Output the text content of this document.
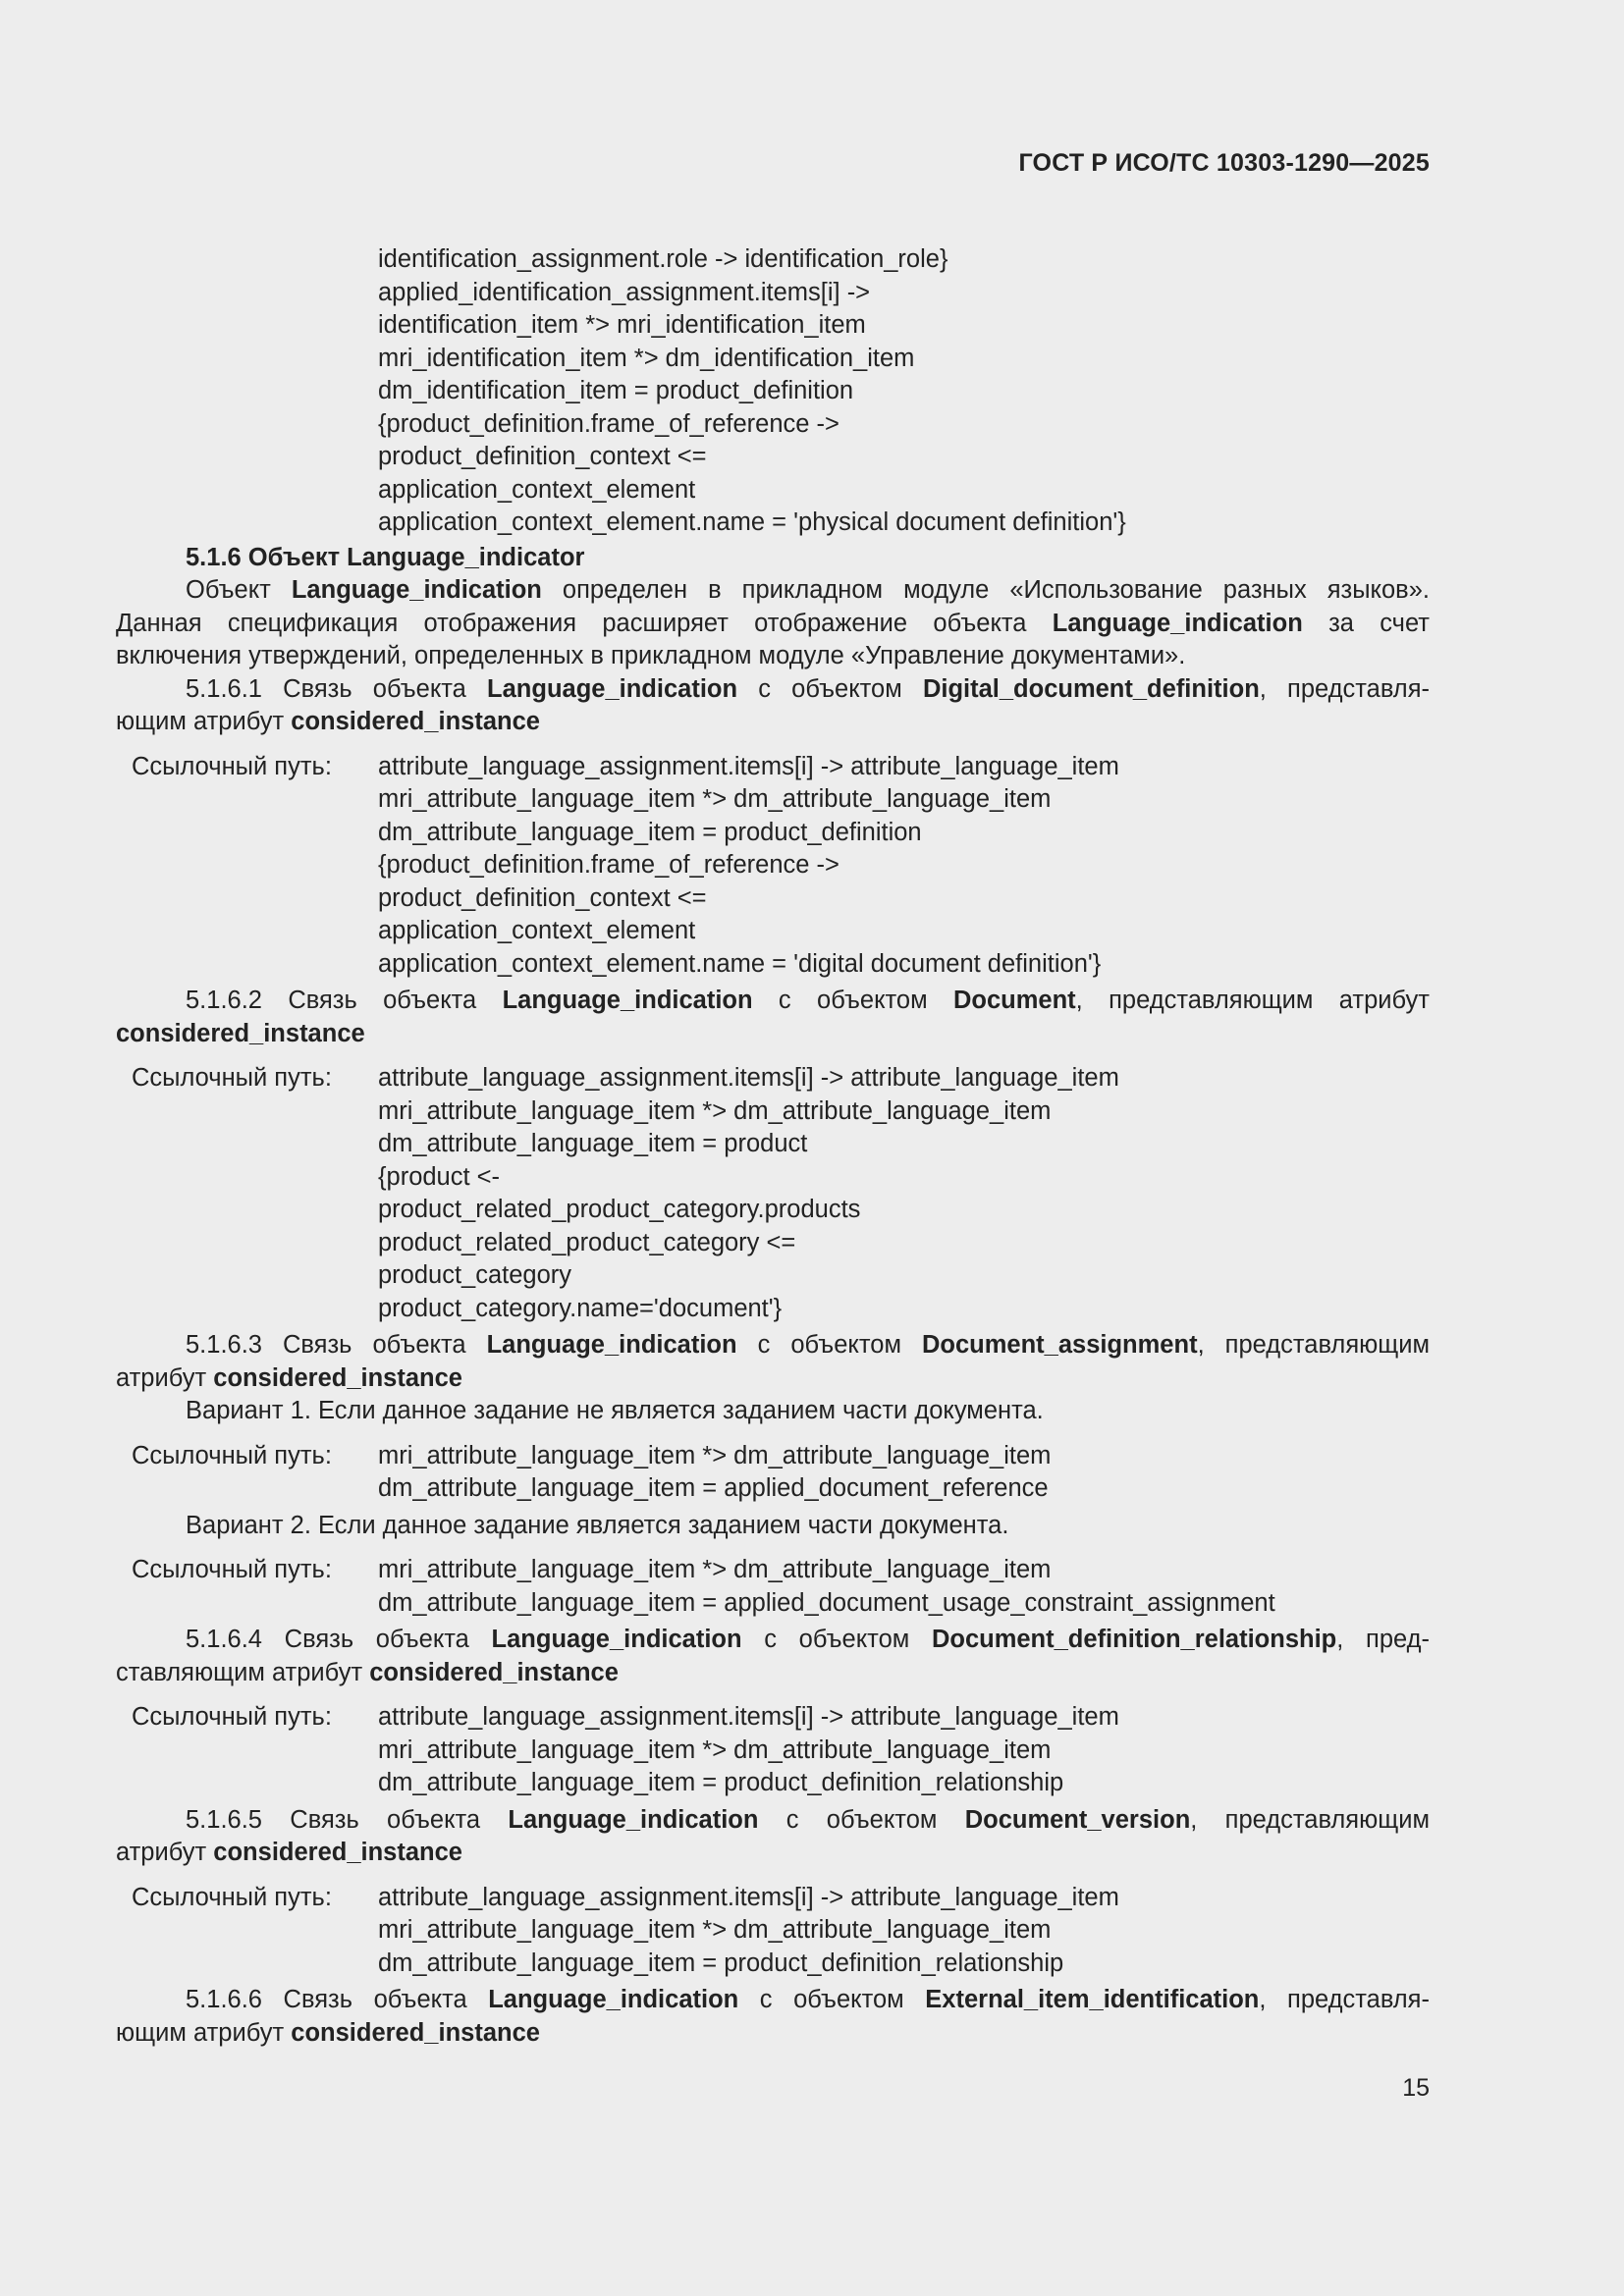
ГОСТ Р ИСО/ТС 10303-1290—2025
identification_assignment.role -> identification_role}
applied_identification_assignment.items[i] ->
identification_item *> mri_identification_item
mri_identification_item *> dm_identification_item
dm_identification_item = product_definition
{product_definition.frame_of_reference ->
product_definition_context <=
application_context_element
application_context_element.name = 'physical document definition'}
5.1.6 Объект Language_indicator
Объект Language_indication определен в прикладном модуле «Использование разных языков».
Данная спецификация отображения расширяет отображение объекта Language_indication за счет
включения утверждений, определенных в прикладном модуле «Управление документами».
5.1.6.1 Связь объекта Language_indication с объектом Digital_document_definition, представля-
ющим атрибут considered_instance
Ссылочный путь:	attribute_language_assignment.items[i] -> attribute_language_item
mri_attribute_language_item *> dm_attribute_language_item
dm_attribute_language_item = product_definition
{product_definition.frame_of_reference ->
product_definition_context <=
application_context_element
application_context_element.name = 'digital document definition'}
5.1.6.2 Связь объекта Language_indication с объектом Document, представляющим атрибут
considered_instance
Ссылочный путь:	attribute_language_assignment.items[i] -> attribute_language_item
mri_attribute_language_item *> dm_attribute_language_item
dm_attribute_language_item = product
{product <-
product_related_product_category.products
product_related_product_category <=
product_category
product_category.name='document'}
5.1.6.3 Связь объекта Language_indication с объектом Document_assignment, представляющим
атрибут considered_instance
Вариант 1. Если данное задание не является заданием части документа.
Ссылочный путь:	mri_attribute_language_item *> dm_attribute_language_item
dm_attribute_language_item = applied_document_reference
Вариант 2. Если данное задание является заданием части документа.
Ссылочный путь:	mri_attribute_language_item *> dm_attribute_language_item
dm_attribute_language_item = applied_document_usage_constraint_assignment
5.1.6.4 Связь объекта Language_indication с объектом Document_definition_relationship, пред-
ставляющим атрибут considered_instance
Ссылочный путь:	attribute_language_assignment.items[i] -> attribute_language_item
mri_attribute_language_item *> dm_attribute_language_item
dm_attribute_language_item = product_definition_relationship
5.1.6.5 Связь объекта Language_indication с объектом Document_version, представляющим
атрибут considered_instance
Ссылочный путь:	attribute_language_assignment.items[i] -> attribute_language_item
mri_attribute_language_item *> dm_attribute_language_item
dm_attribute_language_item = product_definition_relationship
5.1.6.6 Связь объекта Language_indication с объектом External_item_identification, представля-
ющим атрибут considered_instance
15
